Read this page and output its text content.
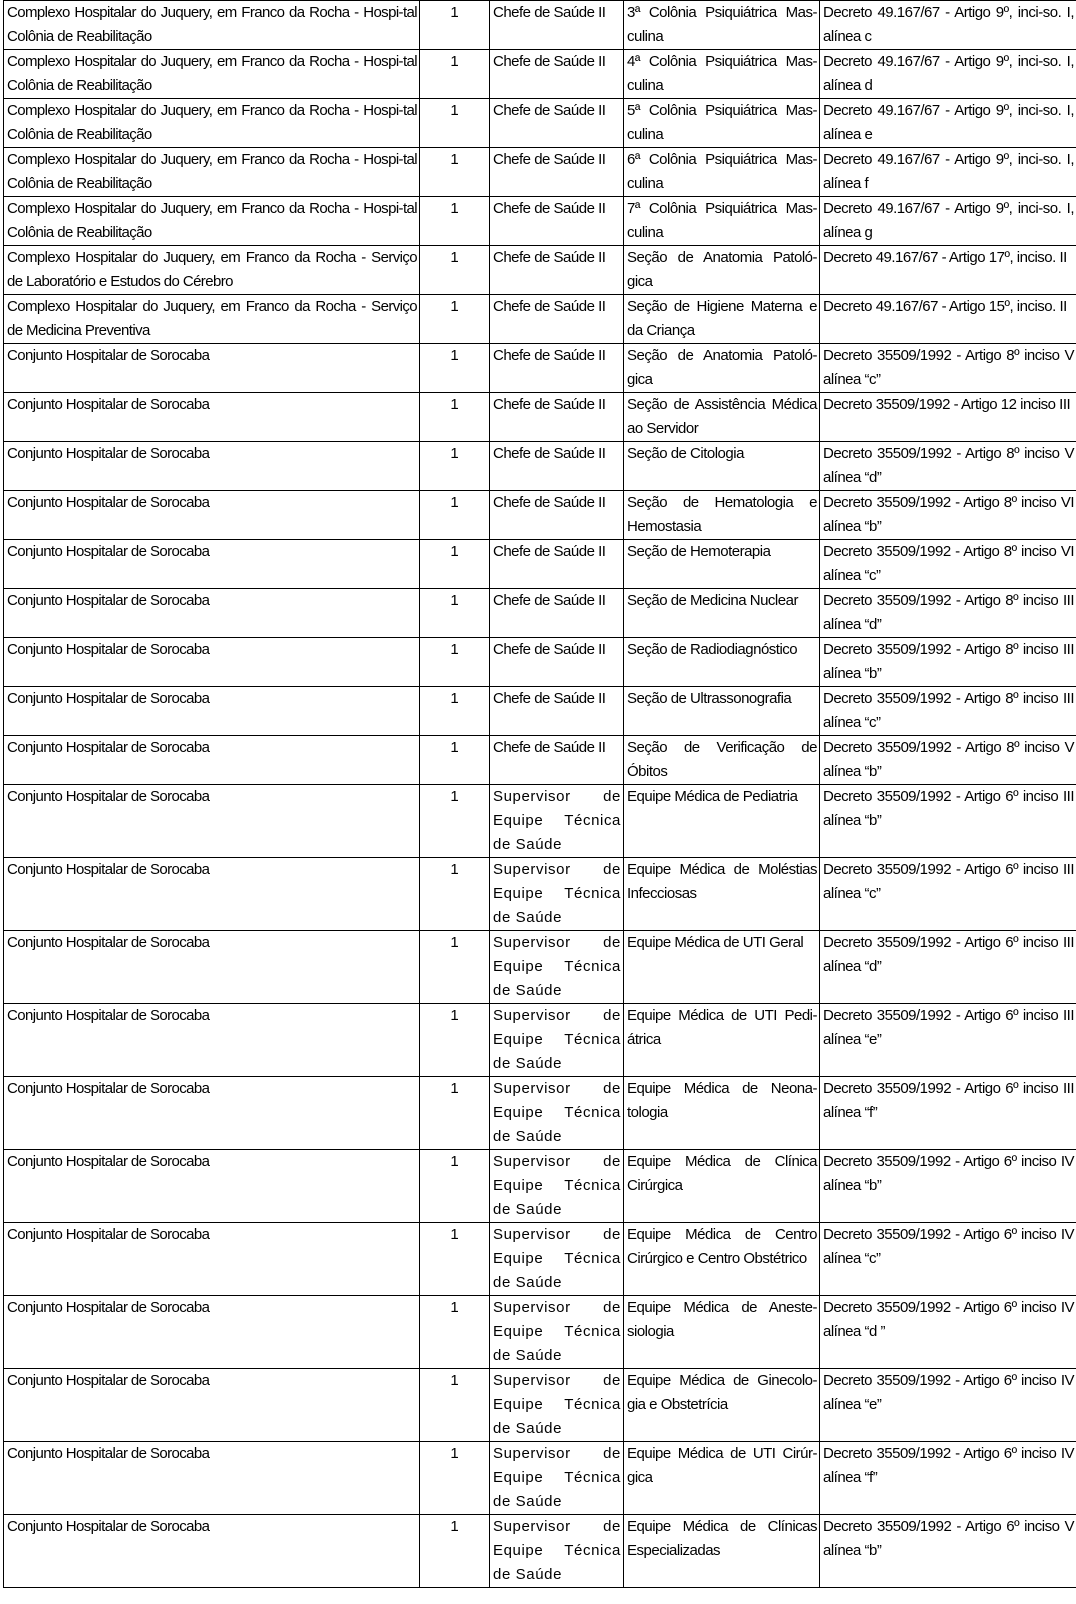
Complexo Hospitalar do Juquery, em Franco da Rocha - Hospi-tal Colônia de Reabilitação	1	Chefe de Saúde II	3ª Colônia Psiquiátrica Mas-culina	Decreto 49.167/67 - Artigo 9º, inci-so. I, alínea c
Complexo Hospitalar do Juquery, em Franco da Rocha - Hospi-tal Colônia de Reabilitação	1	Chefe de Saúde II	4ª Colônia Psiquiátrica Mas-culina	Decreto 49.167/67 - Artigo 9º, inci-so. I, alínea d
Complexo Hospitalar do Juquery, em Franco da Rocha - Hospi-tal Colônia de Reabilitação	1	Chefe de Saúde II	5ª Colônia Psiquiátrica Mas-culina	Decreto 49.167/67 - Artigo 9º, inci-so. I, alínea e
Complexo Hospitalar do Juquery, em Franco da Rocha - Hospi-tal Colônia de Reabilitação	1	Chefe de Saúde II	6ª Colônia Psiquiátrica Mas-culina	Decreto 49.167/67 - Artigo 9º, inci-so. I, alínea f
Complexo Hospitalar do Juquery, em Franco da Rocha - Hospi-tal Colônia de Reabilitação	1	Chefe de Saúde II	7ª Colônia Psiquiátrica Mas-culina	Decreto 49.167/67 - Artigo 9º, inci-so. I, alínea g
Complexo Hospitalar do Juquery, em Franco da Rocha - Serviço de Laboratório e Estudos do Cérebro	1	Chefe de Saúde II	Seção de Anatomia Patoló-gica	Decreto 49.167/67 - Artigo 17º, inciso. II
Complexo Hospitalar do Juquery, em Franco da Rocha - Serviço de Medicina Preventiva	1	Chefe de Saúde II	Seção de Higiene Materna e da Criança	Decreto 49.167/67 - Artigo 15º, inciso. II
Conjunto Hospitalar de Sorocaba	1	Chefe de Saúde II	Seção de Anatomia Patoló-gica	Decreto 35509/1992 - Artigo 8º inciso V alínea “c”
Conjunto Hospitalar de Sorocaba	1	Chefe de Saúde II	Seção de Assistência Médica ao Servidor	Decreto 35509/1992 - Artigo 12 inciso III
Conjunto Hospitalar de Sorocaba	1	Chefe de Saúde II	Seção de Citologia	Decreto 35509/1992 - Artigo 8º inciso V alínea “d”
Conjunto Hospitalar de Sorocaba	1	Chefe de Saúde II	Seção de Hematologia e Hemostasia	Decreto 35509/1992 - Artigo 8º inciso VI alínea “b”
Conjunto Hospitalar de Sorocaba	1	Chefe de Saúde II	Seção de Hemoterapia	Decreto 35509/1992 - Artigo 8º inciso VI alínea “c”
Conjunto Hospitalar de Sorocaba	1	Chefe de Saúde II	Seção de Medicina Nuclear	Decreto 35509/1992 - Artigo 8º inciso III alínea “d”
Conjunto Hospitalar de Sorocaba	1	Chefe de Saúde II	Seção de Radiodiagnóstico	Decreto 35509/1992 - Artigo 8º inciso III alínea “b”
Conjunto Hospitalar de Sorocaba	1	Chefe de Saúde II	Seção de Ultrassonografia	Decreto 35509/1992 - Artigo 8º inciso III alínea “c”
Conjunto Hospitalar de Sorocaba	1	Chefe de Saúde II	Seção de Verificação de Óbitos	Decreto 35509/1992 - Artigo 8º inciso V alínea “b”
Conjunto Hospitalar de Sorocaba	1	Supervisor de Equipe Técnica de Saúde	Equipe Médica de Pediatria	Decreto 35509/1992 - Artigo 6º inciso III alínea “b”
Conjunto Hospitalar de Sorocaba	1	Supervisor de Equipe Técnica de Saúde	Equipe Médica de Moléstias Infecciosas	Decreto 35509/1992 - Artigo 6º inciso III alínea “c”
Conjunto Hospitalar de Sorocaba	1	Supervisor de Equipe Técnica de Saúde	Equipe Médica de UTI Geral	Decreto 35509/1992 - Artigo 6º inciso III alínea “d”
Conjunto Hospitalar de Sorocaba	1	Supervisor de Equipe Técnica de Saúde	Equipe Médica de UTI Pedi-átrica	Decreto 35509/1992 - Artigo 6º inciso III alínea “e”
Conjunto Hospitalar de Sorocaba	1	Supervisor de Equipe Técnica de Saúde	Equipe Médica de Neona-tologia	Decreto 35509/1992 - Artigo 6º inciso III alínea “f”
Conjunto Hospitalar de Sorocaba	1	Supervisor de Equipe Técnica de Saúde	Equipe Médica de Clínica Cirúrgica	Decreto 35509/1992 - Artigo 6º inciso IV alínea “b”
Conjunto Hospitalar de Sorocaba	1	Supervisor de Equipe Técnica de Saúde	Equipe Médica de Centro Cirúrgico e Centro Obstétrico	Decreto 35509/1992 - Artigo 6º inciso IV alínea “c”
Conjunto Hospitalar de Sorocaba	1	Supervisor de Equipe Técnica de Saúde	Equipe Médica de Aneste-siologia	Decreto 35509/1992 - Artigo 6º inciso IV alínea “d ”
Conjunto Hospitalar de Sorocaba	1	Supervisor de Equipe Técnica de Saúde	Equipe Médica de Ginecolo-gia e Obstetrícia	Decreto 35509/1992 - Artigo 6º inciso IV alínea “e”
Conjunto Hospitalar de Sorocaba	1	Supervisor de Equipe Técnica de Saúde	Equipe Médica de UTI Cirúr-gica	Decreto 35509/1992 - Artigo 6º inciso IV alínea “f”
Conjunto Hospitalar de Sorocaba	1	Supervisor de Equipe Técnica de Saúde	Equipe Médica de Clínicas Especializadas	Decreto 35509/1992 - Artigo 6º inciso V alínea “b”
